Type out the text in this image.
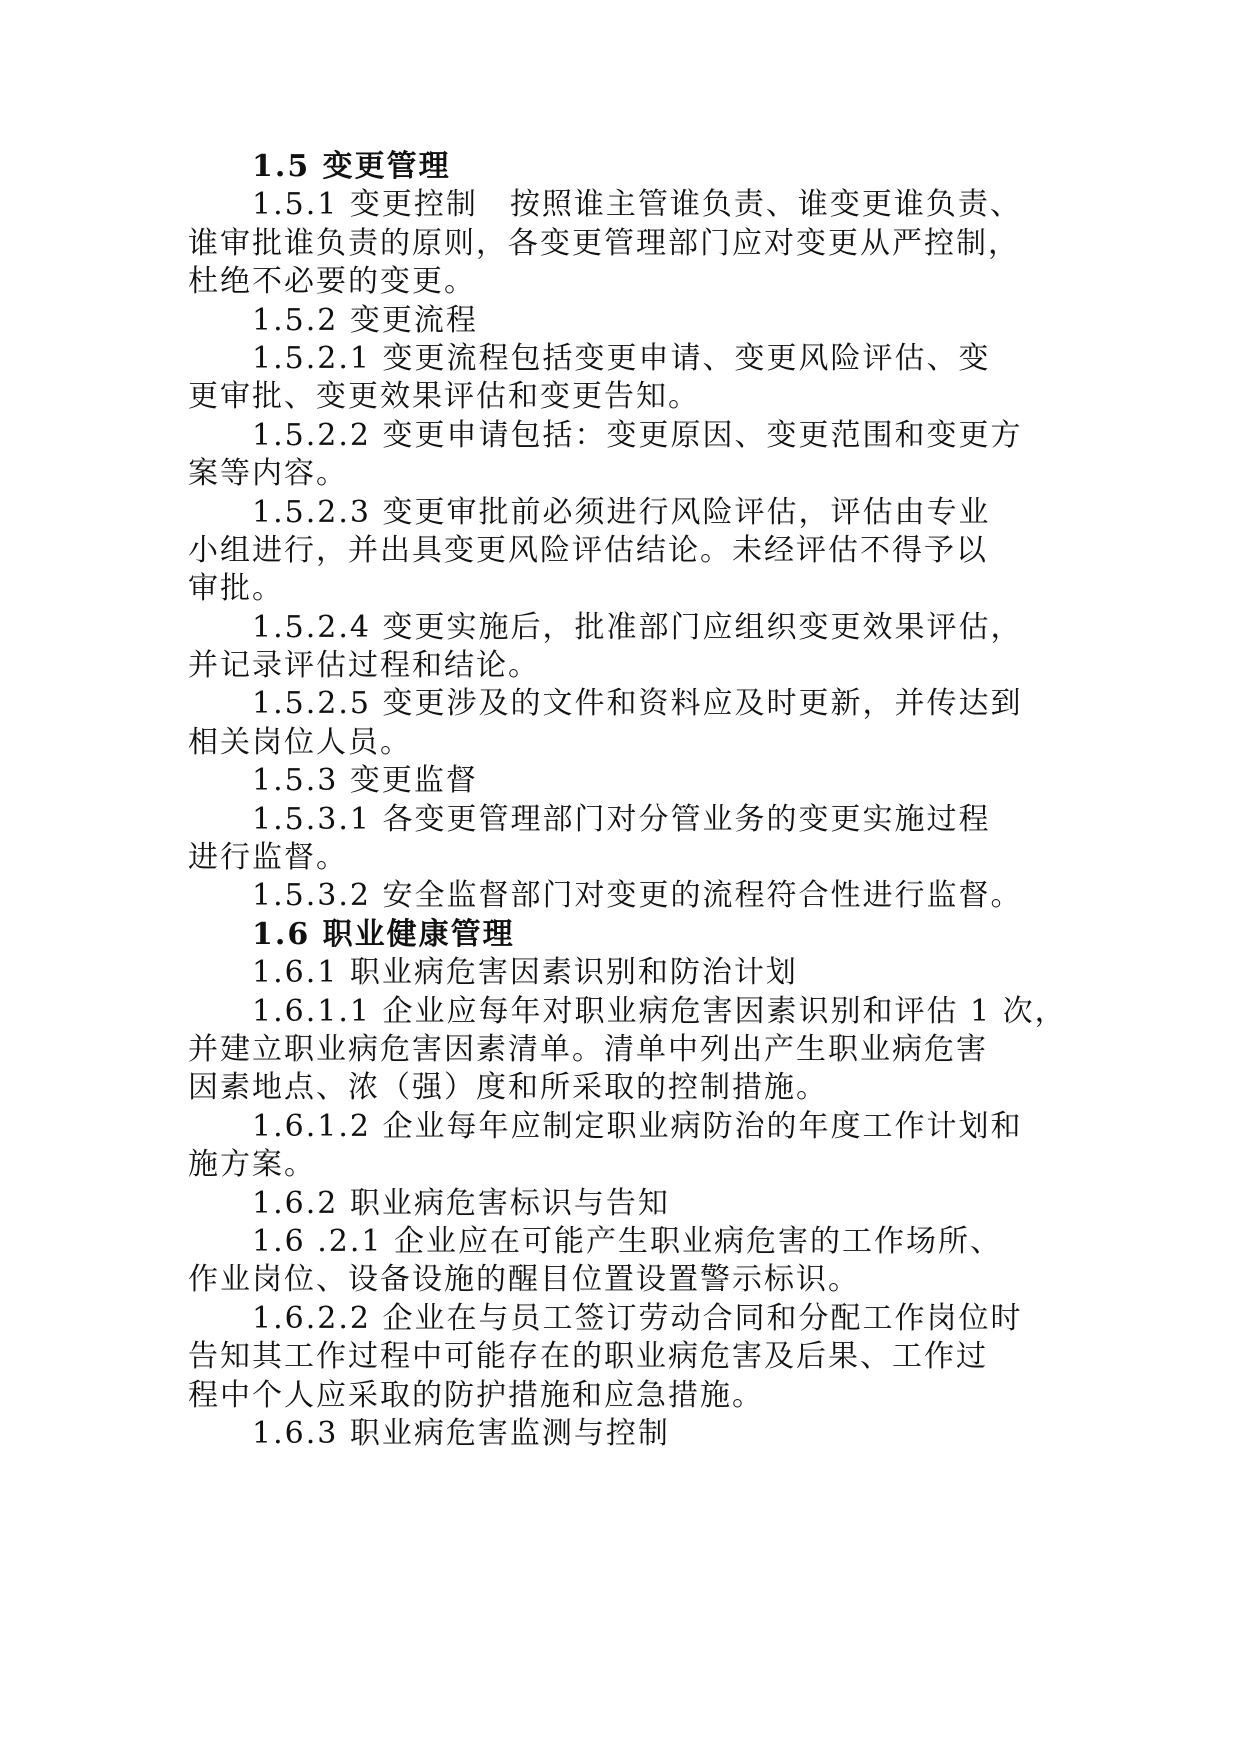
1.5 变更管理
1.5.1 变更控制　按照谁主管谁负责、谁变更谁负责、
谁审批谁负责的原则，各变更管理部门应对变更从严控制，
杜绝不必要的变更。
1.5.2 变更流程
1.5.2.1 变更流程包括变更申请、变更风险评估、变
更审批、变更效果评估和变更告知。
1.5.2.2 变更申请包括：变更原因、变更范围和变更方
案等内容。
1.5.2.3 变更审批前必须进行风险评估，评估由专业
小组进行，并出具变更风险评估结论。未经评估不得予以
审批。
1.5.2.4 变更实施后，批准部门应组织变更效果评估，
并记录评估过程和结论。
1.5.2.5 变更涉及的文件和资料应及时更新，并传达到
相关岗位人员。
1.5.3 变更监督
1.5.3.1 各变更管理部门对分管业务的变更实施过程
进行监督。
1.5.3.2 安全监督部门对变更的流程符合性进行监督。
1.6 职业健康管理
1.6.1 职业病危害因素识别和防治计划
1.6.1.1 企业应每年对职业病危害因素识别和评估 1 次，
并建立职业病危害因素清单。清单中列出产生职业病危害
因素地点、浓（强）度和所采取的控制措施。
1.6.1.2 企业每年应制定职业病防治的年度工作计划和
施方案。
1.6.2 职业病危害标识与告知
1.6 .2.1 企业应在可能产生职业病危害的工作场所、
作业岗位、设备设施的醒目位置设置警示标识。
1.6.2.2 企业在与员工签订劳动合同和分配工作岗位时
告知其工作过程中可能存在的职业病危害及后果、工作过
程中个人应采取的防护措施和应急措施。
1.6.3 职业病危害监测与控制
